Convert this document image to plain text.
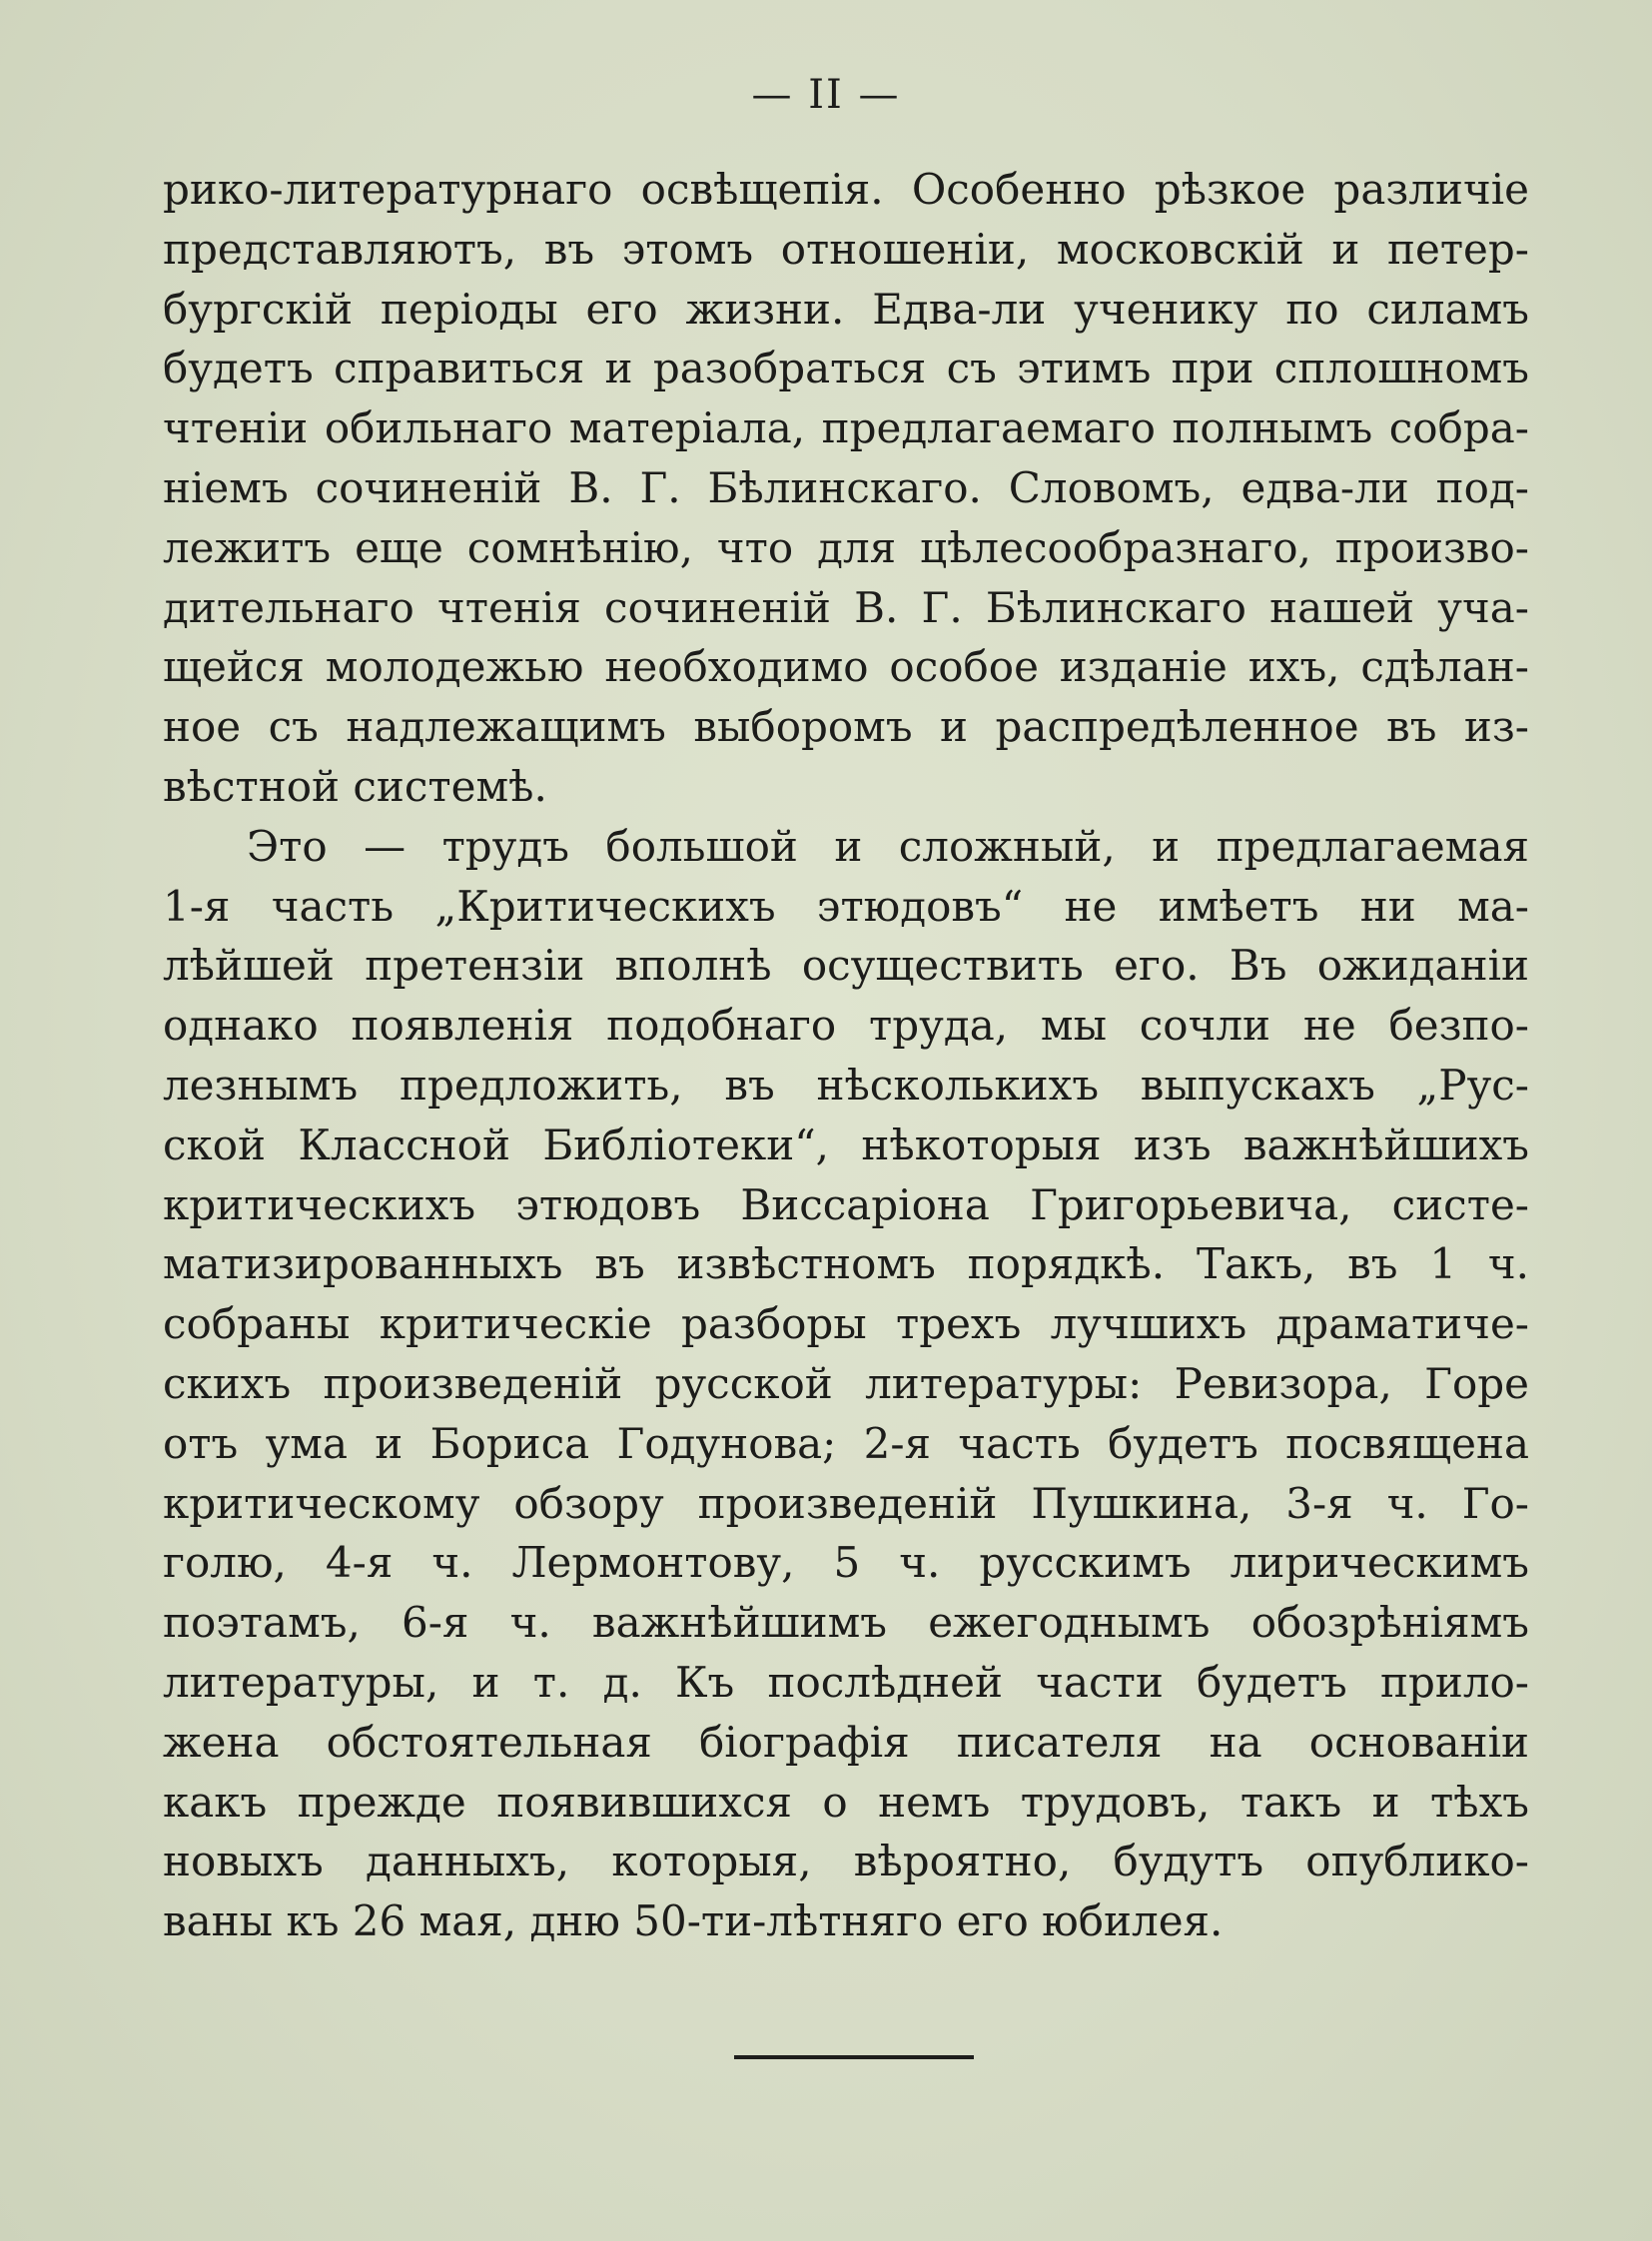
— II —
рико-литературнаго освѣщепія. Особенно рѣзкое различіе
представляютъ, въ этомъ отношеніи, московскій и петер-
бургскій періоды его жизни. Едва-ли ученику по силамъ
будетъ справиться и разобраться съ этимъ при сплошномъ
чтеніи обильнаго матеріала, предлагаемаго полнымъ собра-
ніемъ сочиненій В. Г. Бѣлинскаго. Словомъ, едва-ли под-
лежитъ еще сомнѣнію, что для цѣлесообразнаго, произво-
дительнаго чтенія сочиненій В. Г. Бѣлинскаго нашей уча-
щейся молодежью необходимо особое изданіе ихъ, сдѣлан-
ное съ надлежащимъ выборомъ и распредѣленное въ из-
вѣстной системѣ.
Это — трудъ большой и сложный, и предлагаемая
1-я часть „Критическихъ этюдовъ“ не имѣетъ ни ма-
лѣйшей претензіи вполнѣ осуществить его. Въ ожиданіи
однако появленія подобнаго труда, мы сочли не безпо-
лезнымъ предложить, въ нѣсколькихъ выпускахъ „Рус-
ской Классной Библіотеки“, нѣкоторыя изъ важнѣйшихъ
критическихъ этюдовъ Виссаріона Григорьевича, систе-
матизированныхъ въ извѣстномъ порядкѣ. Такъ, въ 1 ч.
собраны критическіе разборы трехъ лучшихъ драматиче-
скихъ произведеній русской литературы: Ревизора, Горе
отъ ума и Бориса Годунова; 2-я часть будетъ посвящена
критическому обзору произведеній Пушкина, 3-я ч. Го-
голю, 4-я ч. Лермонтову, 5 ч. русскимъ лирическимъ
поэтамъ, 6-я ч. важнѣйшимъ ежегоднымъ обозрѣніямъ
литературы, и т. д. Къ послѣдней части будетъ прило-
жена обстоятельная біографія писателя на основаніи
какъ прежде появившихся о немъ трудовъ, такъ и тѣхъ
новыхъ данныхъ, которыя, вѣроятно, будутъ опублико-
ваны къ 26 мая, дню 50-ти-лѣтняго его юбилея.
